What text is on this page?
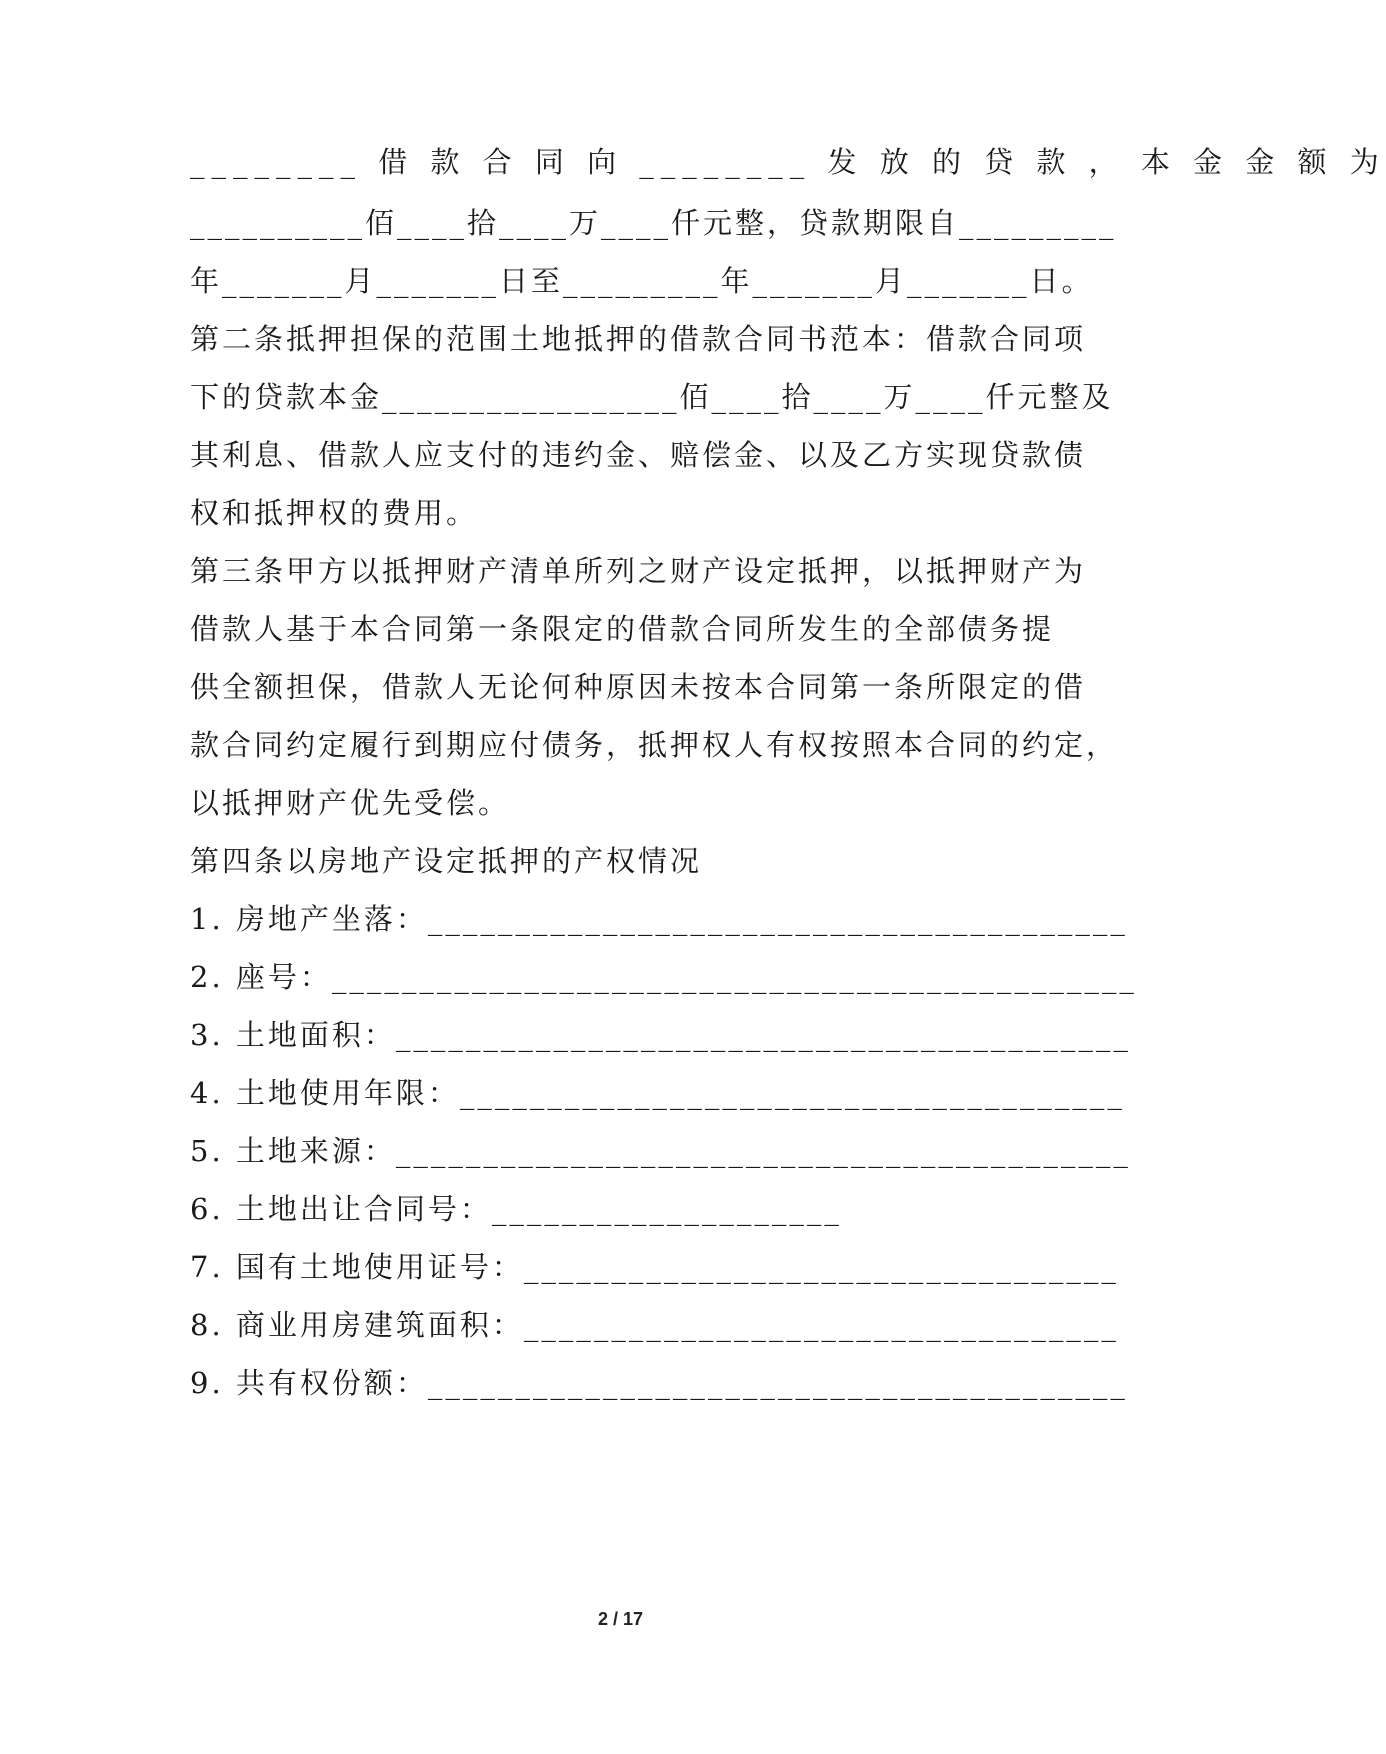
________ 借 款 合 同 向 ________ 发 放 的 贷 款 ， 本 金 金 额 为
__________佰____拾____万____仟元整，贷款期限自_________
年_______月_______日至_________年_______月_______日。
第二条抵押担保的范围土地抵押的借款合同书范本：借款合同项
下的贷款本金_________________佰____拾____万____仟元整及
其利息、借款人应支付的违约金、赔偿金、以及乙方实现贷款债
权和抵押权的费用。
第三条甲方以抵押财产清单所列之财产设定抵押，以抵押财产为
借款人基于本合同第一条限定的借款合同所发生的全部债务提
供全额担保，借款人无论何种原因未按本合同第一条所限定的借
款合同约定履行到期应付债务，抵押权人有权按照本合同的约定，
以抵押财产优先受偿。
第四条以房地产设定抵押的产权情况
1. 房地产坐落：________________________________________
2. 座号：______________________________________________
3. 土地面积：__________________________________________
4. 土地使用年限：______________________________________
5. 土地来源：__________________________________________
6. 土地出让合同号：____________________
7. 国有土地使用证号：__________________________________
8. 商业用房建筑面积：__________________________________
9. 共有权份额：________________________________________
2 / 17
